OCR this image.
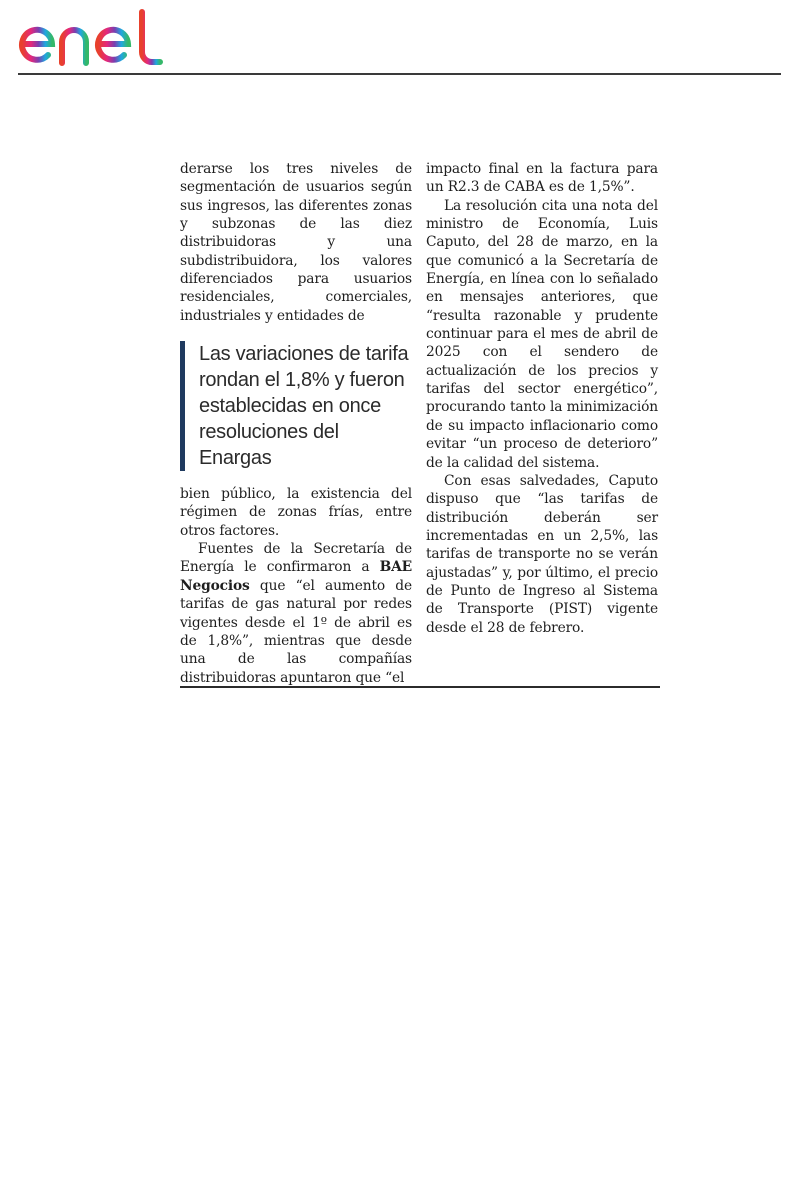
derarse los tres niveles de segmentación de usuarios según sus ingresos, las diferentes zonas y subzonas de las diez distribuidoras y una subdistribuidora, los valores diferenciados para usuarios residenciales, comerciales, industriales y entidades de

Las variaciones de tarifa rondan el 1,8% y fueron establecidas en once resoluciones del Enargas

bien público, la existencia del régimen de zonas frías, entre otros factores.

Fuentes de la Secretaría de Energía le confirmaron a BAE Negocios que “el aumento de tarifas de gas natural por redes vigentes desde el 1º de abril es de 1,8%”, mientras que desde una de las compañías distribuidoras apuntaron que “el

impacto final en la factura para un R2.3 de CABA es de 1,5%”.

La resolución cita una nota del ministro de Economía, Luis Caputo, del 28 de marzo, en la que comunicó a la Secretaría de Energía, en línea con lo señalado en mensajes anteriores, que “resulta razonable y prudente continuar para el mes de abril de 2025 con el sendero de actualización de los precios y tarifas del sector energético”, procurando tanto la minimización de su impacto inflacionario como evitar “un proceso de deterioro” de la calidad del sistema.

Con esas salvedades, Caputo dispuso que “las tarifas de distribución deberán ser incrementadas en un 2,5%, las tarifas de transporte no se verán ajustadas” y, por último, el precio de Punto de Ingreso al Sistema de Transporte (PIST) vigente desde el 28 de febrero.
